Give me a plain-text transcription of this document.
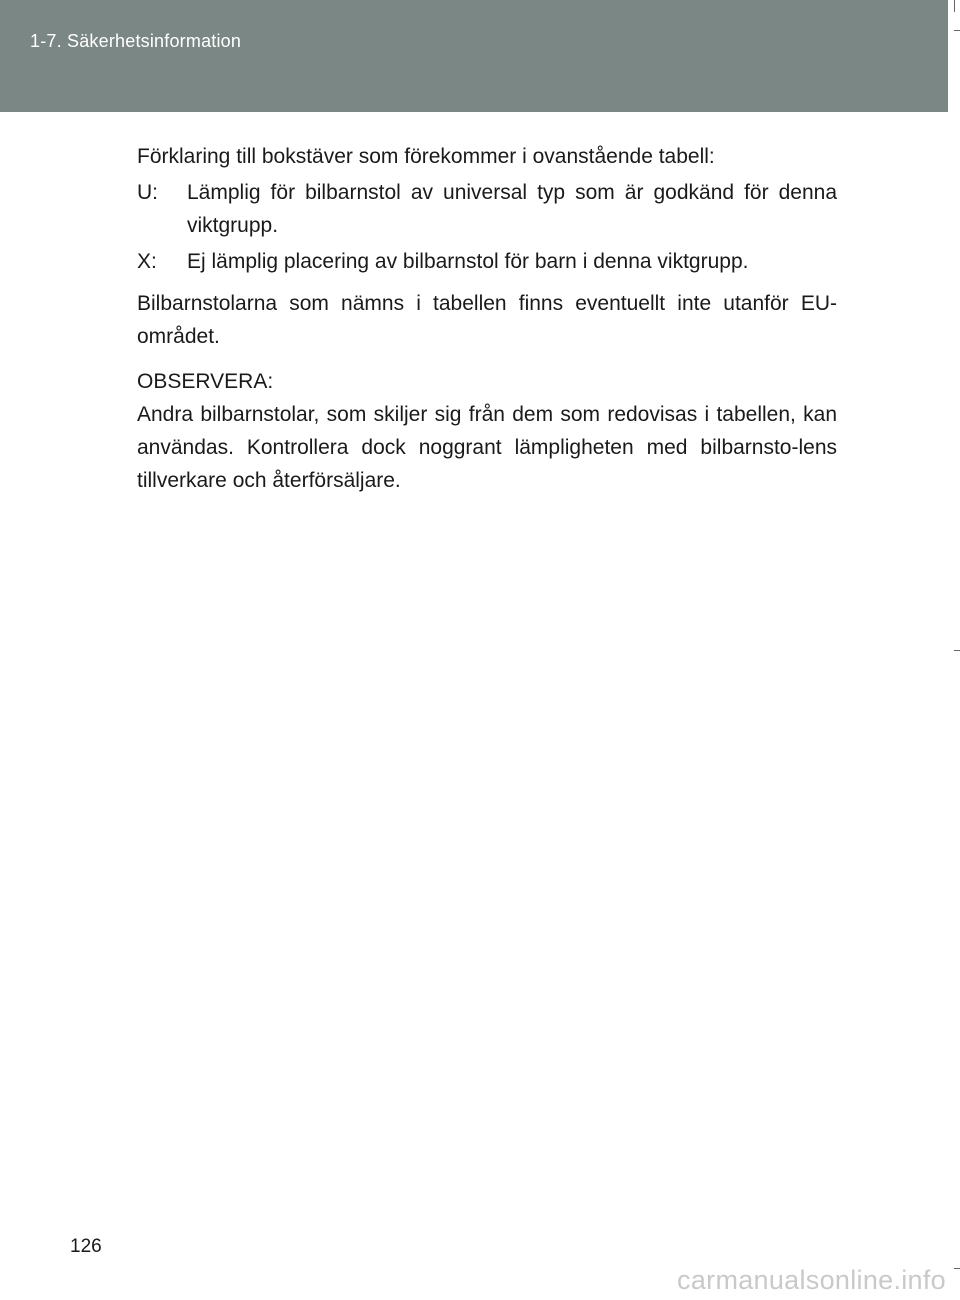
1-7. Säkerhetsinformation

Förklaring till bokstäver som förekommer i ovanstående tabell:

U:	Lämplig för bilbarnstol av universal typ som är godkänd för denna viktgrupp.
X:	Ej lämplig placering av bilbarnstol för barn i denna viktgrupp.

Bilbarnstolarna som nämns i tabellen finns eventuellt inte utanför EU-området.

OBSERVERA:

Andra bilbarnstolar, som skiljer sig från dem som redovisas i tabellen, kan användas. Kontrollera dock noggrant lämpligheten med bilbarnsto-lens tillverkare och återförsäljare.

126
carmanualsonline.info
